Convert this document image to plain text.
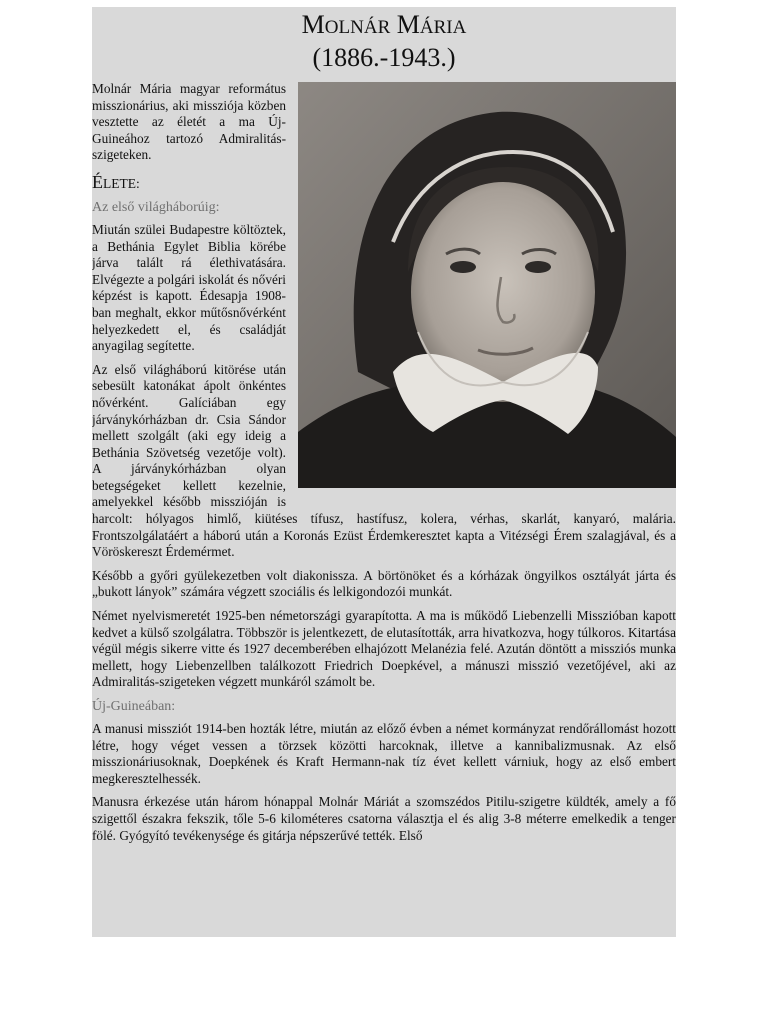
MOLNÁR MÁRIA
(1886.-1943.)

Molnár Mária magyar református misszionárius, aki missziója közben vesztette az életét a ma Új-Guineához tartozó Admiralitás-szigeteken.

ÉLETE:
Az első világháborúig:

Miután szülei Budapestre költöztek, a Bethánia Egylet Biblia körébe járva talált rá élethivatására. Elvégezte a polgári iskolát és nővéri képzést is kapott. Édesapja 1908-ban meghalt, ekkor műtősnővérként helyezkedett el, és családját anyagilag segítette.

Az első világháború kitörése után sebesült katonákat ápolt önkéntes nővérként. Galíciában egy járványkórházban dr. Csia Sándor mellett szolgált (aki egy ideig a Bethánia Szövetség vezetője volt). A járványkórházban olyan betegségeket kellett kezelnie, amelyekkel később misszióján is harcolt: hólyagos himlő, kiütéses tífusz, hastífusz, kolera, vérhas, skarlát, kanyaró, malária. Frontszolgálatáért a háború után a Koronás Ezüst Érdemkeresztet kapta a Vitézségi Érem szalagjával, és a Vöröskereszt Érdemérmet.

Később a győri gyülekezetben volt diakonissza. A börtönöket és a kórházak öngyilkos osztályát járta és „bukott lányok” számára végzett szociális és lelkigondozói munkát.

Német nyelvismeretét 1925-ben németországi gyarapította. A ma is működő Liebenzelli Misszióban kapott kedvet a külső szolgálatra. Többször is jelentkezett, de elutasították, arra hivatkozva, hogy túlkoros. Kitartása végül mégis sikerre vitte és 1927 decemberében elhajózott Melanézia felé. Azután döntött a missziós munka mellett, hogy Liebenzellben találkozott Friedrich Doepkével, a mánuszi misszió vezetőjével, aki az Admiralitás-szigeteken végzett munkáról számolt be.

Új-Guineában:

A manusi missziót 1914-ben hozták létre, miután az előző évben a német kormányzat rendőrállomást hozott létre, hogy véget vessen a törzsek közötti harcoknak, illetve a kannibalizmusnak. Az első misszionáriusoknak, Doepkének és Kraft Hermann-nak tíz évet kellett várniuk, hogy az első embert megkeresztelhessék.

Manusra érkezése után három hónappal Molnár Máriát a szomszédos Pitilu-szigetre küldték, amely a fő szigettől északra fekszik, tőle 5-6 kilométeres csatorna választja el és alig 3-8 méterre emelkedik a tenger fölé. Gyógyító tevékenysége és gitárja népszerűvé tették. Első
